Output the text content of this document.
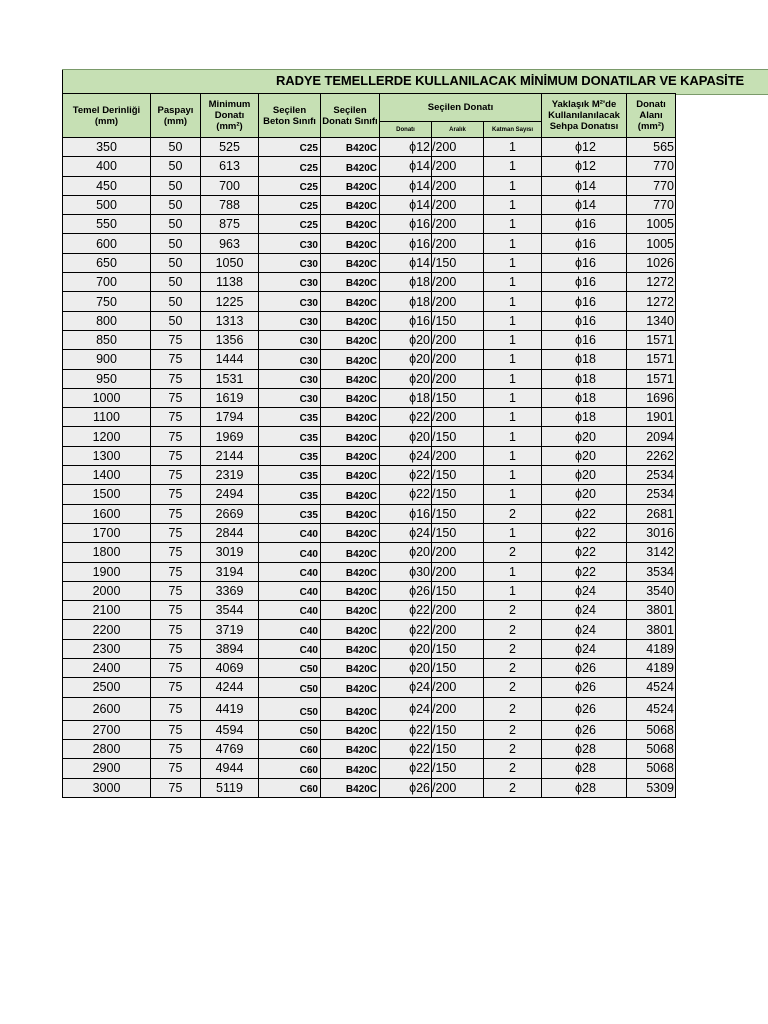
RADYE TEMELLERDE KULLANILACAK MİNİMUM DONATILAR VE KAPASİTE
Temel Derinliği (mm)	Paspayı (mm)	Minimum Donatı (mm²)	Seçilen Beton Sınıfı	Seçilen Donatı Sınıfı	Seçilen Donatı			Yaklaşık M²'de Kullanılanılacak Sehpa Donatısı	Donatı Alanı (mm²)
					Donatı	Aralık	Katman Sayısı		
350	50	525	C25	B420C	ϕ12	/200	1	ϕ12	565
400	50	613	C25	B420C	ϕ14	/200	1	ϕ12	770
450	50	700	C25	B420C	ϕ14	/200	1	ϕ14	770
500	50	788	C25	B420C	ϕ14	/200	1	ϕ14	770
550	50	875	C25	B420C	ϕ16	/200	1	ϕ16	1005
600	50	963	C30	B420C	ϕ16	/200	1	ϕ16	1005
650	50	1050	C30	B420C	ϕ14	/150	1	ϕ16	1026
700	50	1138	C30	B420C	ϕ18	/200	1	ϕ16	1272
750	50	1225	C30	B420C	ϕ18	/200	1	ϕ16	1272
800	50	1313	C30	B420C	ϕ16	/150	1	ϕ16	1340
850	75	1356	C30	B420C	ϕ20	/200	1	ϕ16	1571
900	75	1444	C30	B420C	ϕ20	/200	1	ϕ18	1571
950	75	1531	C30	B420C	ϕ20	/200	1	ϕ18	1571
1000	75	1619	C30	B420C	ϕ18	/150	1	ϕ18	1696
1100	75	1794	C35	B420C	ϕ22	/200	1	ϕ18	1901
1200	75	1969	C35	B420C	ϕ20	/150	1	ϕ20	2094
1300	75	2144	C35	B420C	ϕ24	/200	1	ϕ20	2262
1400	75	2319	C35	B420C	ϕ22	/150	1	ϕ20	2534
1500	75	2494	C35	B420C	ϕ22	/150	1	ϕ20	2534
1600	75	2669	C35	B420C	ϕ16	/150	2	ϕ22	2681
1700	75	2844	C40	B420C	ϕ24	/150	1	ϕ22	3016
1800	75	3019	C40	B420C	ϕ20	/200	2	ϕ22	3142
1900	75	3194	C40	B420C	ϕ30	/200	1	ϕ22	3534
2000	75	3369	C40	B420C	ϕ26	/150	1	ϕ24	3540
2100	75	3544	C40	B420C	ϕ22	/200	2	ϕ24	3801
2200	75	3719	C40	B420C	ϕ22	/200	2	ϕ24	3801
2300	75	3894	C40	B420C	ϕ20	/150	2	ϕ24	4189
2400	75	4069	C50	B420C	ϕ20	/150	2	ϕ26	4189
2500	75	4244	C50	B420C	ϕ24	/200	2	ϕ26	4524
2600	75	4419	C50	B420C	ϕ24	/200	2	ϕ26	4524
2700	75	4594	C50	B420C	ϕ22	/150	2	ϕ26	5068
2800	75	4769	C60	B420C	ϕ22	/150	2	ϕ28	5068
2900	75	4944	C60	B420C	ϕ22	/150	2	ϕ28	5068
3000	75	5119	C60	B420C	ϕ26	/200	2	ϕ28	5309
